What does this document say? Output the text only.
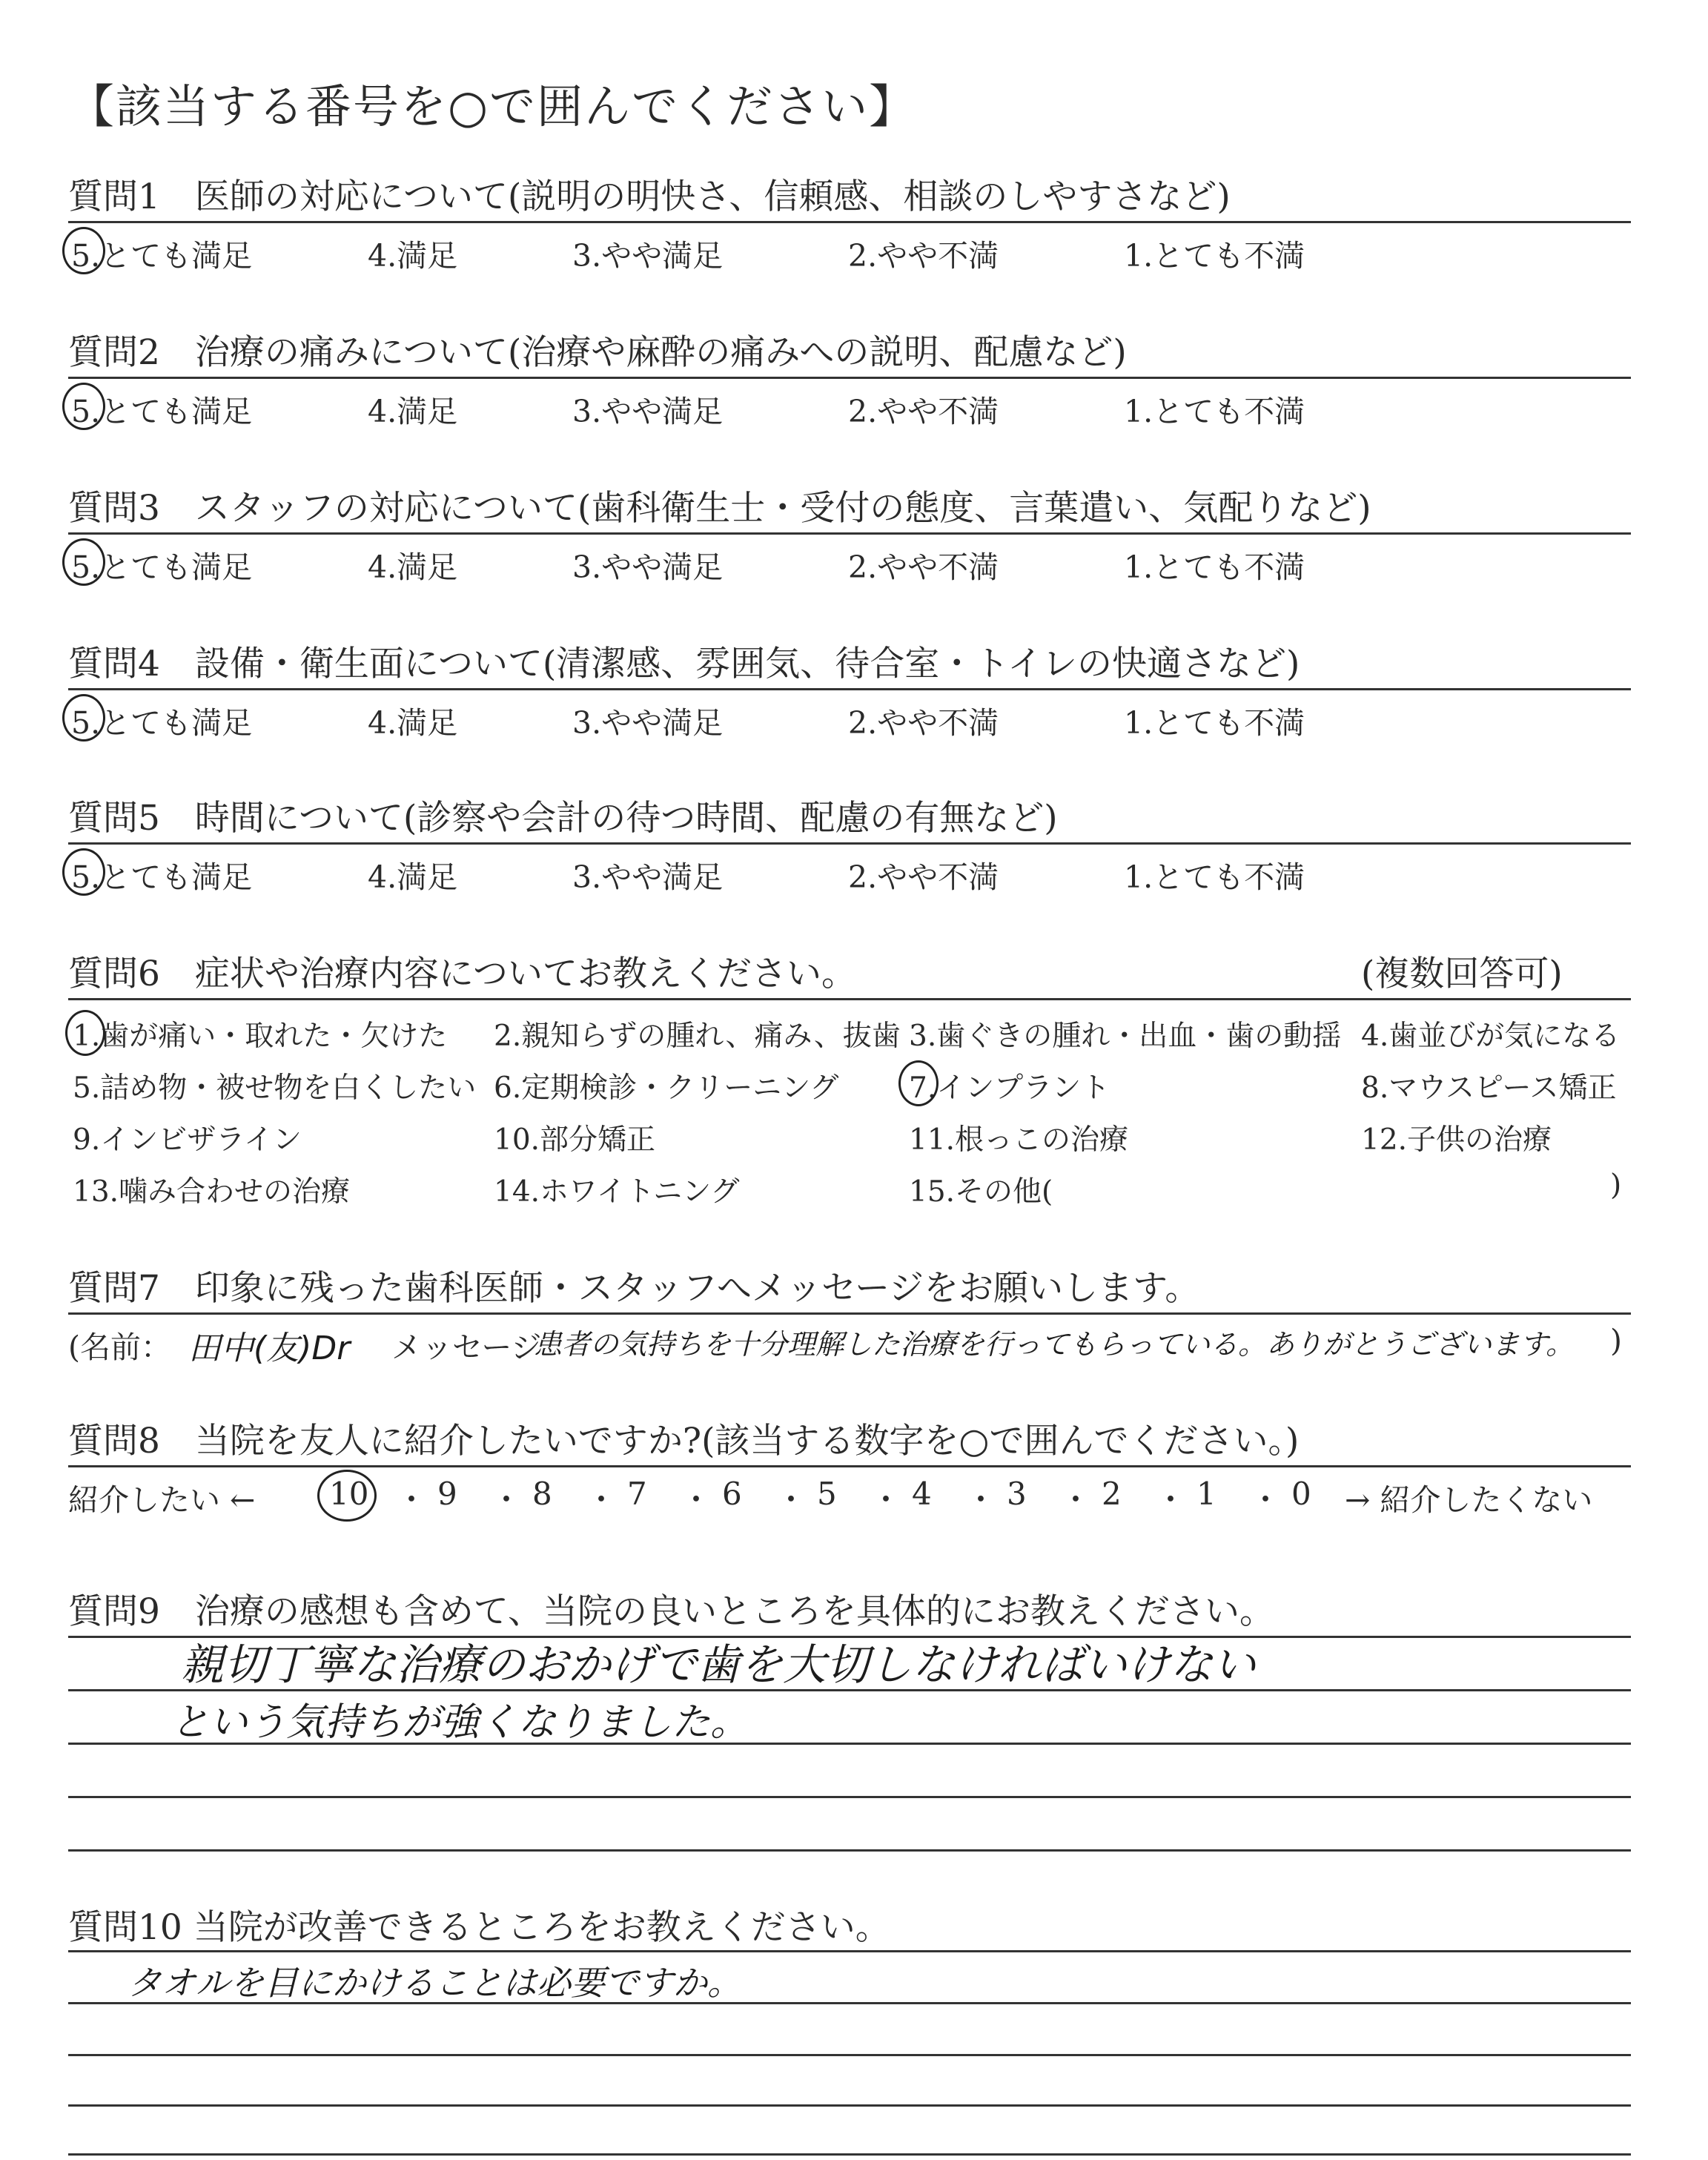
【該当する番号を○で囲んでください】
質問1　医師の対応について(説明の明快さ、信頼感、相談のしやすさなど)
5.とても満足	4.満足	3.やや満足	2.やや不満	1.とても不満
質問2　治療の痛みについて(治療や麻酔の痛みへの説明、配慮など)
5.とても満足	4.満足	3.やや満足	2.やや不満	1.とても不満
質問3　スタッフの対応について(歯科衛生士・受付の態度、言葉遣い、気配りなど)
5.とても満足	4.満足	3.やや満足	2.やや不満	1.とても不満
質問4　設備・衛生面について(清潔感、雰囲気、待合室・トイレの快適さなど)
5.とても満足	4.満足	3.やや満足	2.やや不満	1.とても不満
質問5　時間について(診察や会計の待つ時間、配慮の有無など)
5.とても満足	4.満足	3.やや満足	2.やや不満	1.とても不満
質問6　症状や治療内容についてお教えください。	(複数回答可)
1.歯が痛い・取れた・欠けた 2.親知らずの腫れ、痛み、抜歯 3.歯ぐきの腫れ・出血・歯の動揺 4.歯並びが気になる
5.詰め物・被せ物を白くしたい 6.定期検診・クリーニング 7.インプラント	8.マウスピース矯正
9.インビザライン	10.部分矯正	11.根っこの治療	12.子供の治療
13.噛み合わせの治療	14.ホワイトニング	15.その他(	)
質問7　印象に残った歯科医師・スタッフへメッセージをお願いします。
(名前： 田中(友)Dr メッセージ
患者の気持ちを十分理解した治療を行ってもらっている。ありがとうございます。 )
質問8　当院を友人に紹介したいですか?(該当する数字を○で囲んでください。)
紹介したい ←	→ 紹介したくない
10 9 8 7 6 5 4 3 2 1 0
・ ・ ・ ・ ・ ・ ・ ・ ・ ・
質問9　治療の感想も含めて、当院の良いところを具体的にお教えください。
親切丁寧な治療のおかげで歯を大切しなければいけない
という気持ちが強くなりました。
質問10 当院が改善できるところをお教えください。
タオルを目にかけることは必要ですか。
